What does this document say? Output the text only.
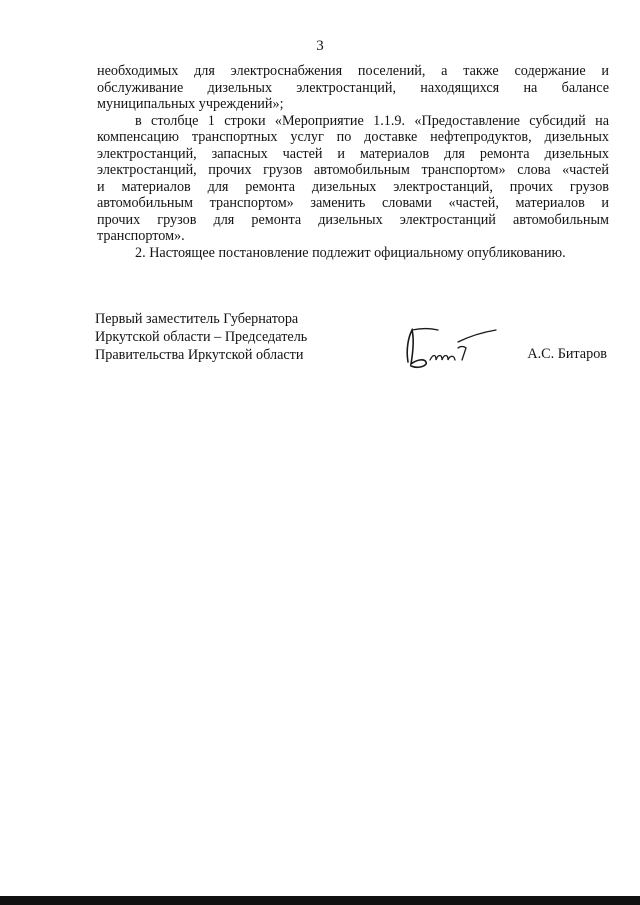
3

необходимых для электроснабжения поселений, а также содержание и
обслуживание дизельных электростанций, находящихся на балансе
муниципальных учреждений»;

в столбце 1 строки «Мероприятие 1.1.9. «Предоставление субсидий на
компенсацию транспортных услуг по доставке нефтепродуктов, дизельных
электростанций, запасных частей и материалов для ремонта дизельных
электростанций, прочих грузов автомобильным транспортом» слова «частей
и материалов для ремонта дизельных электростанций, прочих грузов
автомобильным транспортом» заменить словами «частей, материалов и
прочих грузов для ремонта дизельных электростанций автомобильным
транспортом».

2. Настоящее постановление подлежит официальному опубликованию.

Первый заместитель Губернатора

Иркутской области – Председатель

Правительства Иркутской области	А.С. Битаров
